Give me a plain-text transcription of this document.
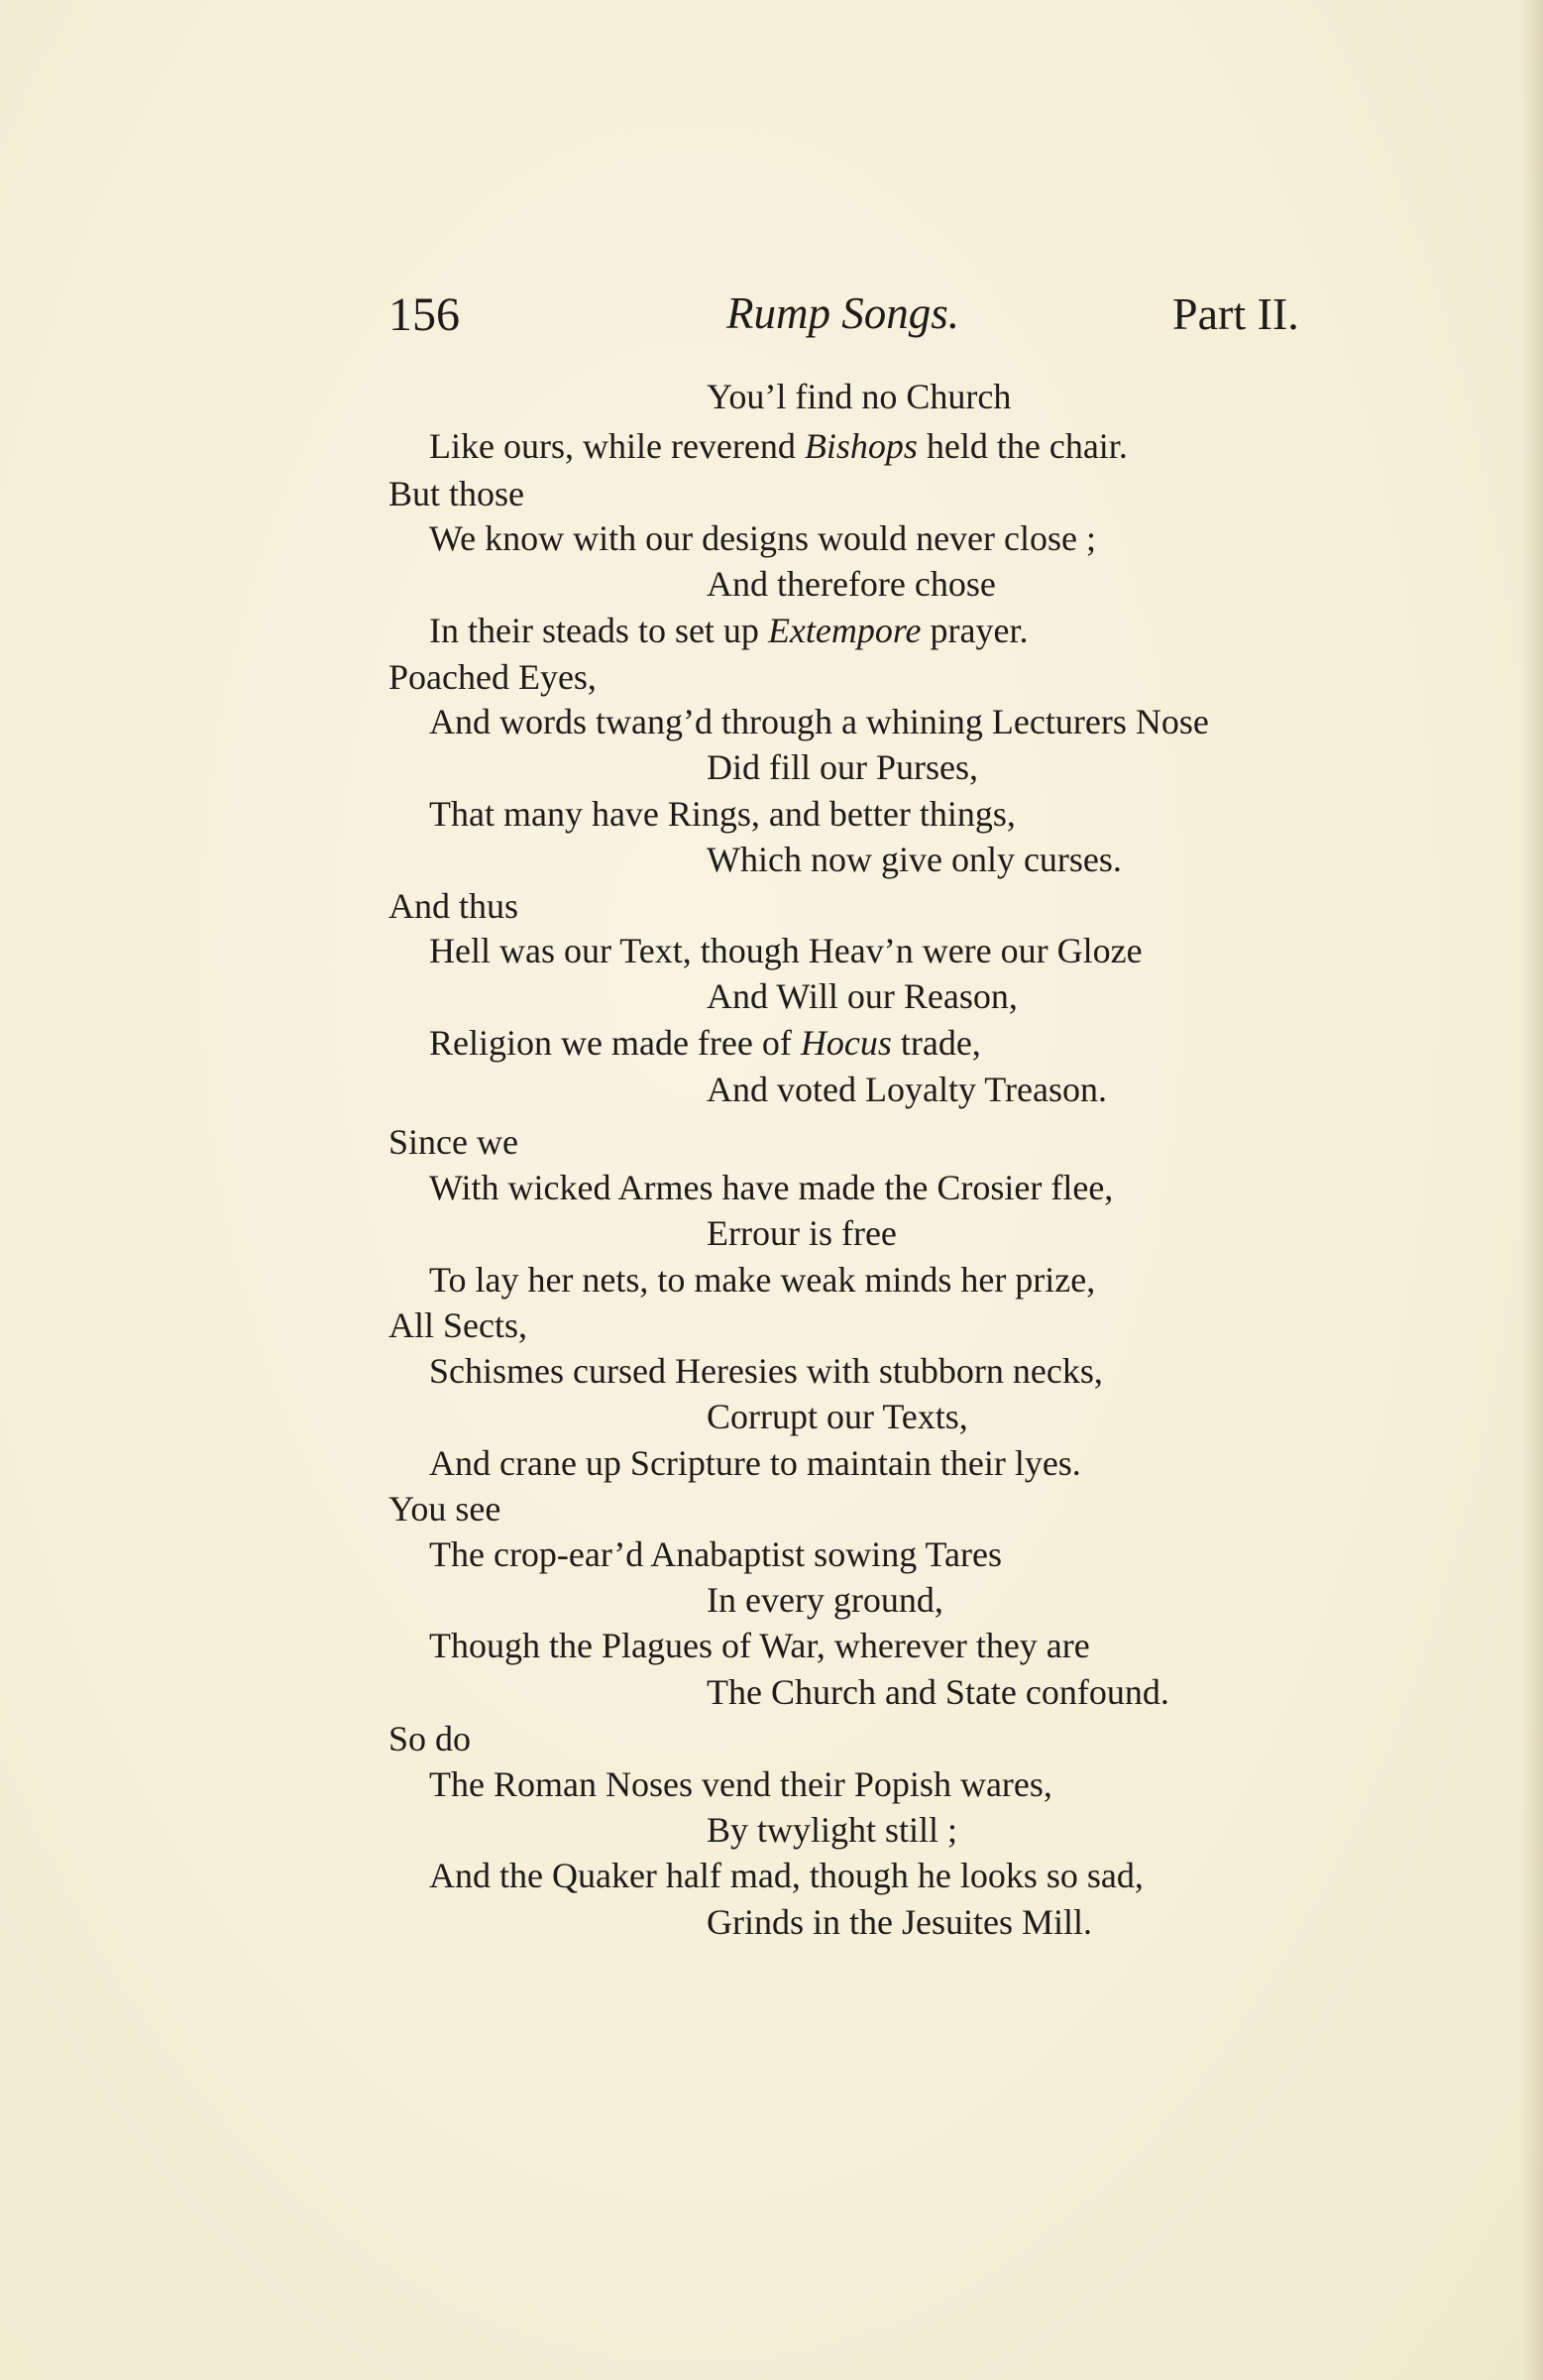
156	Rump Songs.	Part II.
You’l find no Church
Like ours, while reverend Bishops held the chair.
But those
We know with our designs would never close ;
And therefore chose
In their steads to set up Extempore prayer.
Poached Eyes,
And words twang’d through a whining Lecturers Nose
Did fill our Purses,
That many have Rings, and better things,
Which now give only curses.
And thus
Hell was our Text, though Heav’n were our Gloze
And Will our Reason,
Religion we made free of Hocus trade,
And voted Loyalty Treason.
Since we
With wicked Armes have made the Crosier flee,
Errour is free
To lay her nets, to make weak minds her prize,
All Sects,
Schismes cursed Heresies with stubborn necks,
Corrupt our Texts,
And crane up Scripture to maintain their lyes.
You see
The crop-ear’d Anabaptist sowing Tares
In every ground,
Though the Plagues of War, wherever they are
The Church and State confound.
So do
The Roman Noses vend their Popish wares,
By twylight still ;
And the Quaker half mad, though he looks so sad,
Grinds in the Jesuites Mill.
